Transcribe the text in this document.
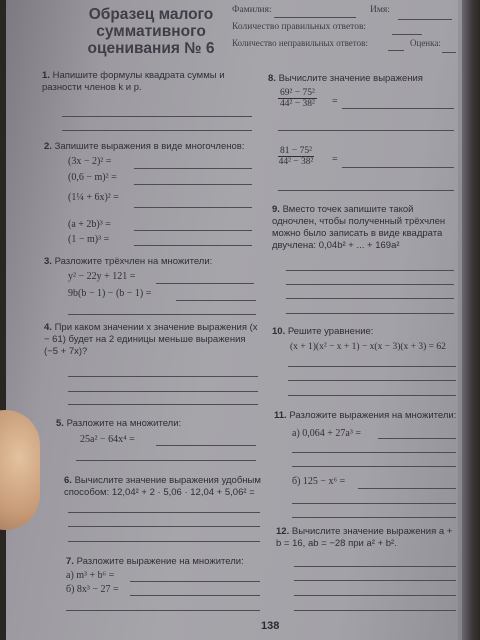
Образец малого
суммативного
оценивания № 6
Фамилия:	Имя:
Количество правильных ответов:
Количество неправильных ответов:	Оценка:
1. Напишите формулы квадрата суммы и разности членов k и p.
2. Запишите выражения в виде многочленов:
(3x − 2)² =
(0,6 − m)² =
(1¼ + 6x)² =
(a + 2b)³ =
(1 − m)³ =
3. Разложите трёхчлен на множители:
y² − 22y + 121 =
9b(b − 1) − (b − 1) =
4. При каком значении x значение выражения (x − 61) будет на 2 единицы меньше выражения (−5 + 7x)?
5. Разложите на множители:
25a² − 64x⁴ =
6. Вычислите значение выражения удобным способом: 12,04² + 2 · 5,06 · 12,04 + 5,06² =
7. Разложите выражение на множители:
а) m³ + b⁶ =
б) 8x³ − 27 =
8. Вычислите значение выражения
$\frac{\text{69² − 75²}}{\text{44² − 38²}}$ =
$\frac{\text{81 − 75²}}{\text{44² − 38²}}$ =
9. Вместо точек запишите такой одночлен, чтобы полученный трёхчлен можно было записать в виде квадрата двучлена: 0,04b² + ... + 169a²
10. Решите уравнение:
(x + 1)(x² − x + 1) − x(x − 3)(x + 3) = 62
11. Разложите выражения на множители:
а) 0,064 + 27a³ =
б) 125 − x⁶ =
12. Вычислите значение выражения a + b = 16, ab = −28 при a² + b².
138
